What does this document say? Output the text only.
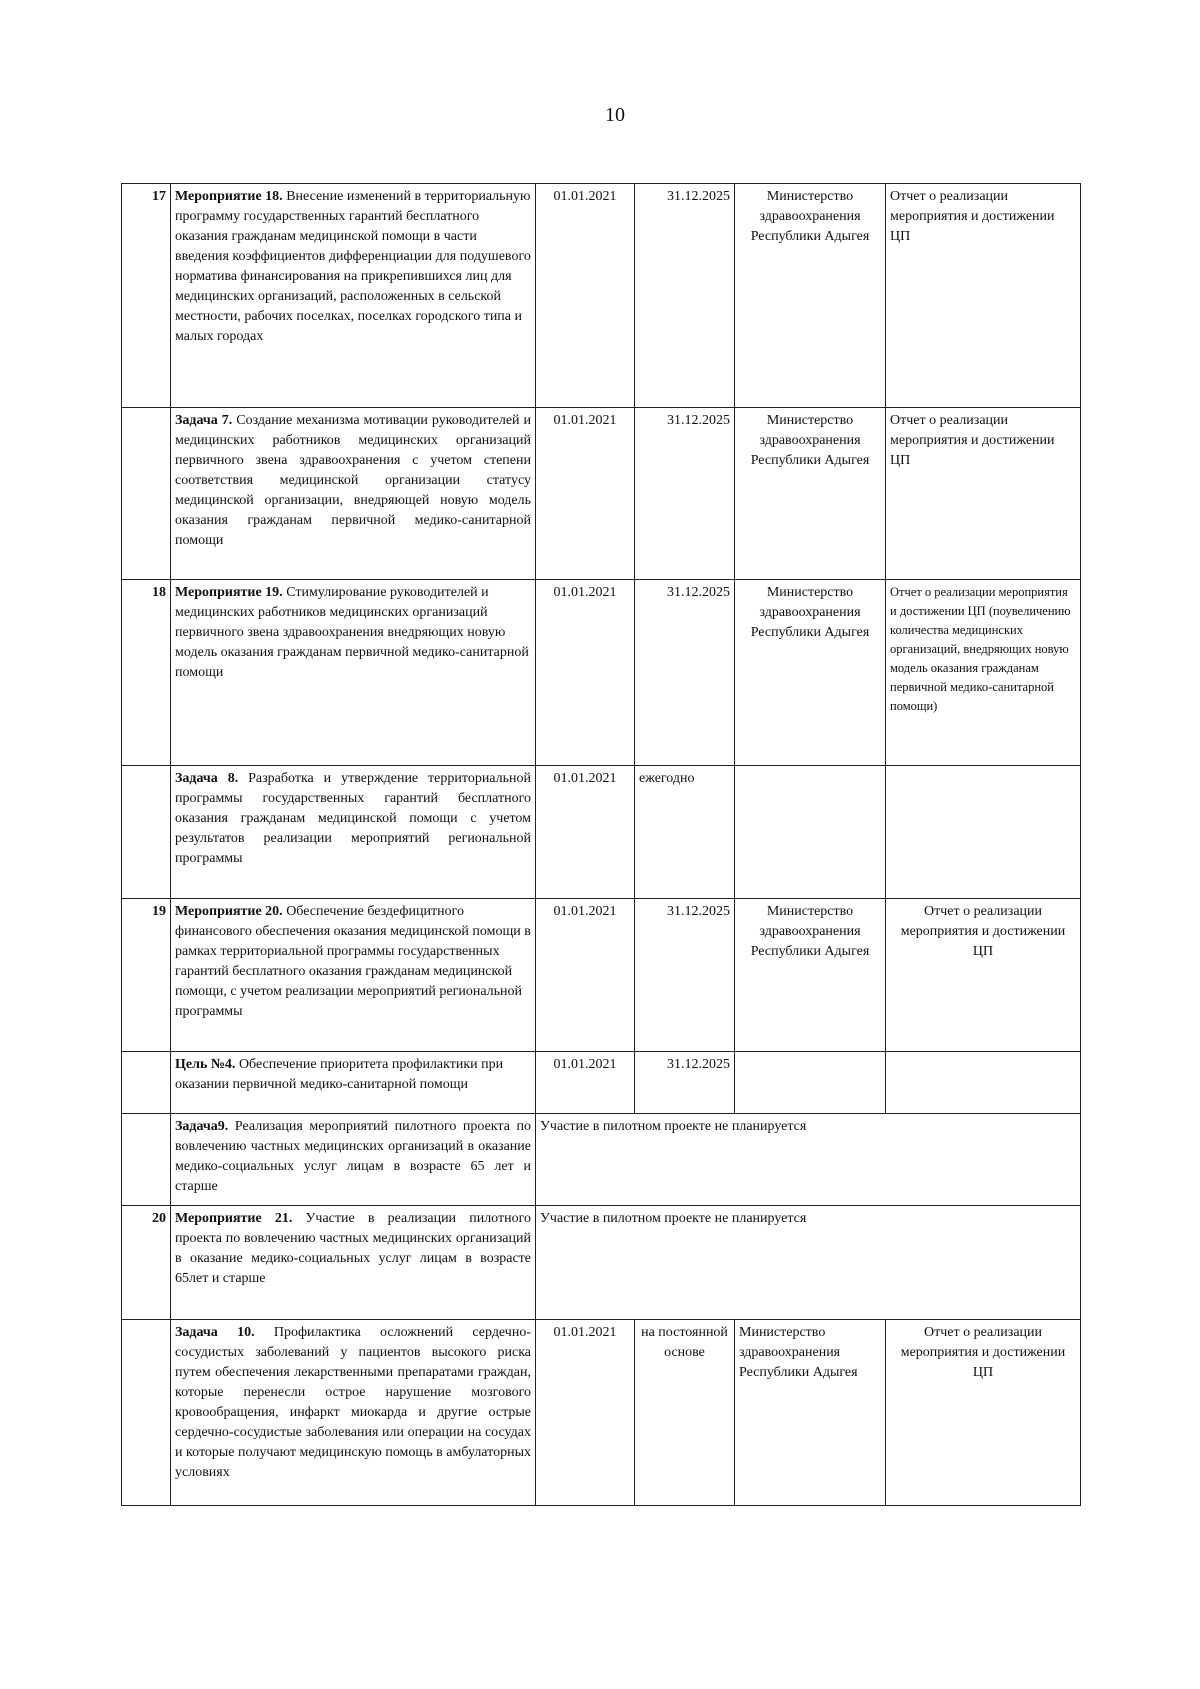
10
17	Мероприятие 18. Внесение изменений в территориальную программу государственных гарантий бесплатного оказания гражданам медицинской помощи в части введения коэффициентов дифференциации для подушевого норматива финансирования на прикрепившихся лиц для медицинских организаций, расположенных в сельской местности, рабочих поселках, поселках городского типа и малых городах	01.01.2021	31.12.2025	Министерство здравоохранения Республики Адыгея	Отчет о реализации мероприятия и достижении ЦП
	Задача 7. Создание механизма мотивации руководителей и медицинских работников медицинских организаций первичного звена здравоохранения с учетом степени соответствия медицинской организации статусу медицинской организации, внедряющей новую модель оказания гражданам первичной медико-санитарной помощи	01.01.2021	31.12.2025	Министерство здравоохранения Республики Адыгея	Отчет о реализации мероприятия и достижении ЦП
18	Мероприятие 19. Стимулирование руководителей и медицинских работников медицинских организаций первичного звена здравоохранения внедряющих новую модель оказания гражданам первичной медико-санитарной помощи	01.01.2021	31.12.2025	Министерство здравоохранения Республики Адыгея	Отчет о реализации мероприятия и достижении ЦП (поувеличению количества медицинских организаций, внедряющих новую модель оказания гражданам первичной медико-санитарной помощи)
	Задача 8. Разработка и утверждение территориальной программы государственных гарантий бесплатного оказания гражданам медицинской помощи с учетом результатов реализации мероприятий региональной программы	01.01.2021	ежегодно		
19	Мероприятие 20. Обеспечение бездефицитного финансового обеспечения оказания медицинской помощи в рамках территориальной программы государственных гарантий бесплатного оказания гражданам медицинской помощи, с учетом реализации мероприятий региональной программы	01.01.2021	31.12.2025	Министерство здравоохранения Республики Адыгея	Отчет о реализации мероприятия и достижении ЦП
	Цель №4. Обеспечение приоритета профилактики при оказании первичной медико-санитарной помощи	01.01.2021	31.12.2025		
	Задача9. Реализация мероприятий пилотного проекта по вовлечению частных медицинских организаций в оказание медико-социальных услуг лицам в возрасте 65 лет и старше	Участие в пилотном проекте не планируется			
20	Мероприятие 21. Участие в реализации пилотного проекта по вовлечению частных медицинских организаций в оказание медико-социальных услуг лицам в возрасте 65лет и старше	Участие в пилотном проекте не планируется			
	Задача 10. Профилактика осложнений сердечно-сосудистых заболеваний у пациентов высокого риска путем обеспечения лекарственными препаратами граждан, которые перенесли острое нарушение мозгового кровообращения, инфаркт миокарда и другие острые сердечно-сосудистые заболевания или операции на сосудах и которые получают медицинскую помощь в амбулаторных условиях	01.01.2021	на постоянной основе	Министерство здравоохранения Республики Адыгея	Отчет о реализации мероприятия и достижении ЦП
